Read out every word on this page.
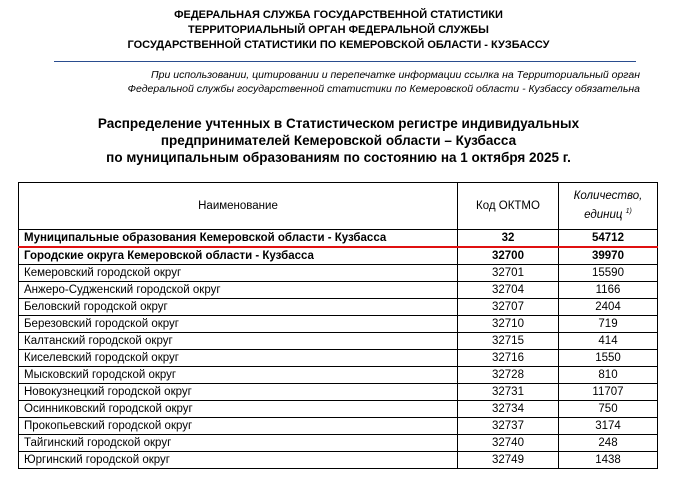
ФЕДЕРАЛЬНАЯ СЛУЖБА ГОСУДАРСТВЕННОЙ СТАТИСТИКИ
ТЕРРИТОРИАЛЬНЫЙ ОРГАН ФЕДЕРАЛЬНОЙ СЛУЖБЫ
ГОСУДАРСТВЕННОЙ СТАТИСТИКИ ПО КЕМЕРОВСКОЙ ОБЛАСТИ - КУЗБАССУ
При использовании, цитировании и перепечатке информации ссылка на Территориальный орган
Федеральной службы государственной статистики по Кемеровской области - Кузбассу обязательна
Распределение учтенных в Статистическом регистре индивидуальных
предпринимателей Кемеровской области – Кузбасса
по муниципальным образованиям по состоянию на 1 октября 2025 г.
Наименование	Код ОКТМО	Количество,
единиц $^{1)}$

Муниципальные образования Кемеровской области - Кузбасса	32	54712
Городские округа Кемеровской области - Кузбасса	32700	39970
Кемеровский городской округ	32701	15590
Анжеро-Судженский городской округ	32704	1166
Беловский городской округ	32707	2404
Березовский городской округ	32710	719
Калтанский городской округ	32715	414
Киселевский городской округ	32716	1550
Мысковский городской округ	32728	810
Новокузнецкий городской округ	32731	11707
Осинниковский городской округ	32734	750
Прокопьевский городской округ	32737	3174
Тайгинский городской округ	32740	248
Юргинский городской округ	32749	1438
